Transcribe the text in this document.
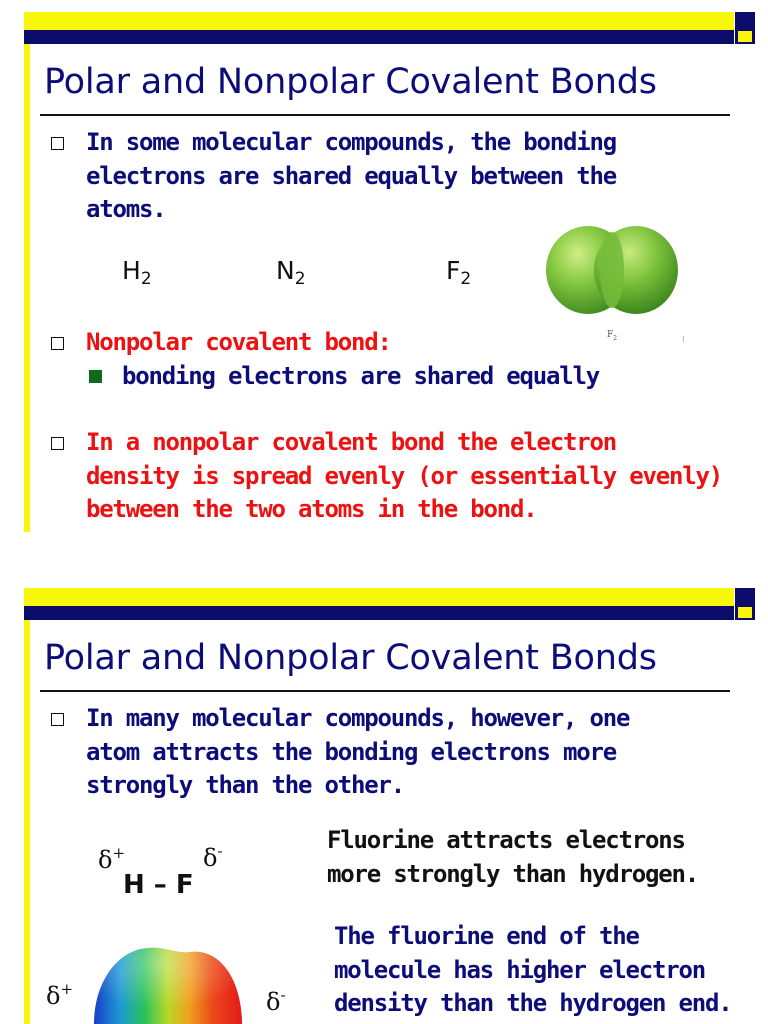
Polar and Nonpolar Covalent Bonds

In some molecular compounds, the bonding
electrons are shared equally between the
atoms.

$H_2$	$N_2$	$F_2$
$F_2$

Nonpolar covalent bond:

bonding electrons are shared equally

In a nonpolar covalent bond the electron
density is spread evenly (or essentially evenly)
between the two atoms in the bond.

Polar and Nonpolar Covalent Bonds

In many molecular compounds, however, one
atom attracts the bonding electrons more
strongly than the other.

δ+	δ-
H – F
Fluorine attracts electrons
more strongly than hydrogen.
The fluorine end of the
molecule has higher electron
density than the hydrogen end.
δ+	δ-
